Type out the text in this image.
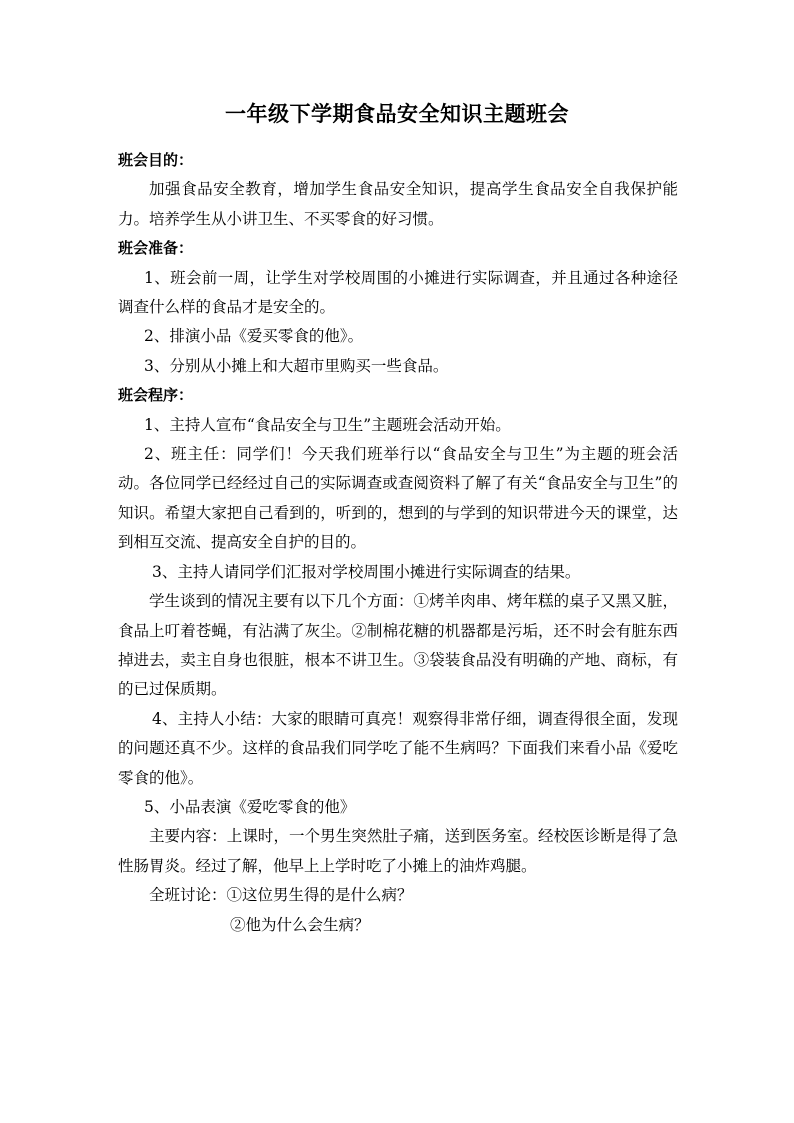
一年级下学期食品安全知识主题班会

班会目的：

加强食品安全教育，增加学生食品安全知识，提高学生食品安全自我保护能力。培养学生从小讲卫生、不买零食的好习惯。

班会准备：

1、班会前一周，让学生对学校周围的小摊进行实际调查，并且通过各种途径调查什么样的食品才是安全的。

2、排演小品《爱买零食的他》。

3、分别从小摊上和大超市里购买一些食品。

班会程序：

1、主持人宣布“食品安全与卫生”主题班会活动开始。

2、班主任：同学们！今天我们班举行以“食品安全与卫生”为主题的班会活动。各位同学已经经过自己的实际调查或查阅资料了解了有关“食品安全与卫生”的知识。希望大家把自己看到的，听到的，想到的与学到的知识带进今天的课堂，达到相互交流、提高安全自护的目的。

3、主持人请同学们汇报对学校周围小摊进行实际调查的结果。

学生谈到的情况主要有以下几个方面：①烤羊肉串、烤年糕的桌子又黑又脏，食品上叮着苍蝇，有沾满了灰尘。②制棉花糖的机器都是污垢，还不时会有脏东西掉进去，卖主自身也很脏，根本不讲卫生。③袋装食品没有明确的产地、商标，有的已过保质期。

4、主持人小结：大家的眼睛可真亮！观察得非常仔细，调查得很全面，发现的问题还真不少。这样的食品我们同学吃了能不生病吗？下面我们来看小品《爱吃零食的他》。

5、小品表演《爱吃零食的他》

主要内容：上课时，一个男生突然肚子痛，送到医务室。经校医诊断是得了急性肠胃炎。经过了解，他早上上学时吃了小摊上的油炸鸡腿。

全班讨论：①这位男生得的是什么病？

②他为什么会生病？
